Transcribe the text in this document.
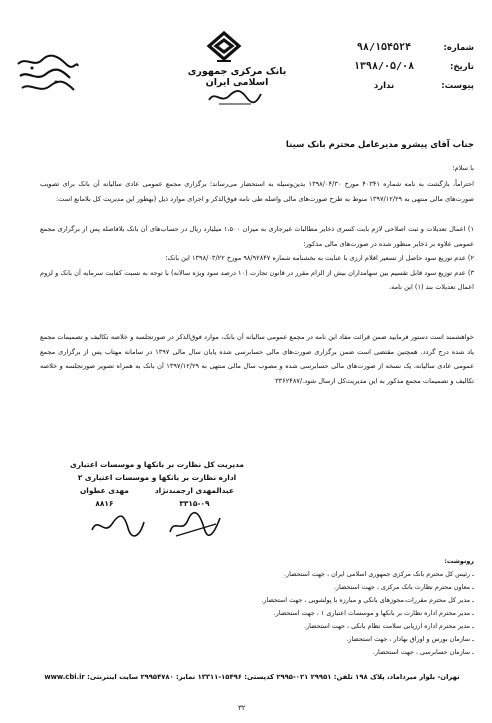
بانک مرکزی جمهوری اسلامی ایران
شماره:
۹۸/۱۵۴۵۲۴
تاریخ:
۱۳۹۸/۰۵/۰۸
پیوست:
ندارد
جناب آقای پیشرو مدیرعامل محترم بانک سینا
با سلام؛

احتراماً، بازگشت به نامه شماره ۴۰۳۴۱ مورخ ۱۳۹۸/۰۴/۳۰ بدین‌وسیله به استحضار می‌رساند؛ برگزاری مجمع عمومی عادی سالیانه آن بانک برای تصویب صورت‌های مالی منتهی به ۱۳۹۷/۱۲/۲۹ منوط به طرح صورت‌های مالی واصله طی نامه فوق‌الذکر و اجرای موارد ذیل (بهطور این مدیریت کل بلامانع است:

۱) اعمال تعدیلات و ثبت اصلاحی لازم بابت کسری ذخایر مطالبات غیرجاری به میزان ۱،۵۰۰ میلیارد ریال در حساب‌های آن بانک بلافاصله پس از برگزاری مجمع عمومی علاوه بر ذخایر منظور شده در صورت‌های مالی مذکور؛

۲) عدم توزیع سود حاصل از تسعیر اقلام ارزی با عنایت به بخشنامه شماره ۹۸/۹۲۸۴۷ مورخ ۱۳۹۸/۰۳/۲۲ این بانک؛

۳) عدم توزیع سود قابل تقسیم بین سهامداران بیش از الزام مقرر در قانون تجارت (۱۰ درصد سود ویژه سالانه) با توجه به نسبت کفایت سرمایه آن بانک و لزوم اعمال تعدیلات بند (۱) این نامه.

خواهشمند است دستور فرمایید ضمن قرائت مفاد این نامه در مجمع عمومی سالیانه آن بانک، موارد فوق‌الذکر در صورتجلسه و خلاصه تکالیف و تصمیمات مجمع یاد شده درج گردد. همچنین مقتضی است ضمن برگزاری صورت‌های مالی حسابرسی شده پایان سال مالی ۱۳۹۷ در سامانه مهتاب پس از برگزاری مجمع عمومی عادی سالیانه، یک نسخه از صورت‌های مالی حسابرسی شده و مصوب سال مالی منتهی به ۱۳۹۷/۱۲/۲۹ آن بانک به همراه تصویر صورتجلسه و خلاصه تکالیف و تصمیمات مجمع مذکور به این مدیریت‌کل ارسال شود./۳۳۶۲۴۸۷

مدیریت کل نظارت بر بانکها و موسسات اعتباری
اداره نظارت بر بانکها و موسسات اعتباری ۲
عبدالمهدی ارجمندنژاد
۳۳۱۵-۰۹
مهدی عطوان
۸۸۱۶
رونوشت:
ـ رئیس کل محترم بانک مرکزی جمهوری اسلامی ایران ، جهت استحضار.
ـ معاون محترم نظارت بانک مرکزی ، جهت استحضار.
ـ مدیر کل محترم مقررات،مجوزهای بانکی و مبارزه با پولشویی ، جهت استحضار.
ـ مدیر محترم اداره نظارت بر بانکها و موسسات اعتباری ۱ ، جهت استحضار.
ـ مدیر محترم اداره ارزیابی سلامت نظام بانکی ، جهت استحضار.
ـ سازمان بورس و اوراق بهادار ، جهت استحضار.
ـ سازمان حسابرسی ، جهت استحضار.
تهران- بلوار میرداماد، پلاک ۱۹۸ تلفن: ۲۹۹۵۱ ۰۲۱-۲۹۹۵ کدپستی: ۱۵۴۹۶-۱۳۳۱۱ نمابر: ۲۹۹۵۴۷۸۰ سایت اینترنتی: www.cbi.ir
۳۲
